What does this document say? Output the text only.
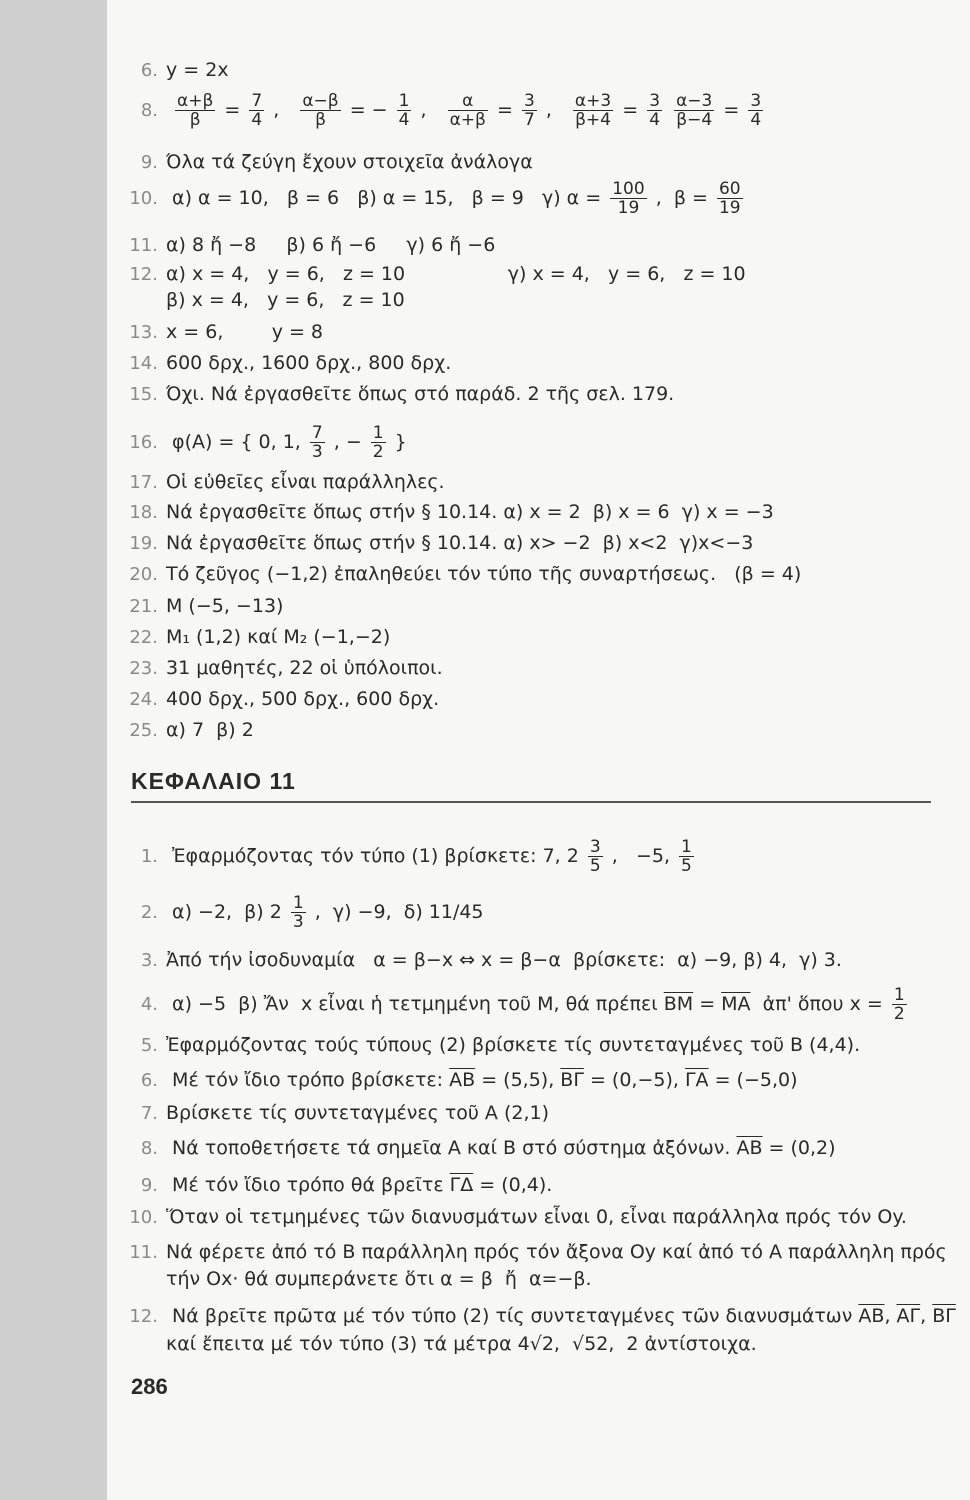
6. y = 2x
8. $\frac{\alpha+\beta}{\beta} = \frac{7}{4}$ , $\frac{\alpha-\beta}{\beta}$ = − $\frac{1}{4}$ , $\frac{\alpha}{\alpha+\beta} = \frac{3}{7}$ , $\frac{\alpha+3}{\beta+4} = \frac{3}{4}$
$\frac{\alpha-3}{\beta-4} = \frac{3}{4}$
9. Όλα τά ζεύγη ἔχουν στοιχεῖα ἀνάλογα
10. α) α = 10,   β = 6   β) α = 15,   β = 9   γ) $\alpha = \frac{100}{19}$ ,  $\beta = \frac{60}{19}$
11. α) 8 ἤ −8     β) 6 ἤ −6     γ) 6 ἤ −6
12. α) x = 4,   y = 6,   z = 10                 γ) x = 4,   y = 6,   z = 10
β) x = 4,   y = 6,   z = 10
13. x = 6,        y = 8
14. 600 δρχ., 1600 δρχ., 800 δρχ.
15. Όχι. Νά ἐργασθεῖτε ὅπως στό παράδ. 2 τῆς σελ. 179.
16. φ(Α) = { 0, 1, $\frac{7}{3}$ , − $\frac{1}{2}$ }
17. Οἱ εὐθεῖες εἶναι παράλληλες.
18. Νά ἐργασθεῖτε ὅπως στήν § 10.14. α) x = 2  β) x = 6  γ) x = −3
19. Νά ἐργασθεῖτε ὅπως στήν § 10.14. α) x> −2  β) x<2  γ)x<−3
20. Τό ζεῦγος (−1,2) ἐπαληθεύει τόν τύπο τῆς συναρτήσεως.   (β = 4)
21. Μ (−5, −13)
22. Μ₁ (1,2) καί Μ₂ (−1,−2)
23. 31 μαθητές, 22 οἱ ὑπόλοιποι.
24. 400 δρχ., 500 δρχ., 600 δρχ.
25. α) 7  β) 2
ΚΕΦΑΛΑΙΟ 11
1. Ἐφαρμόζοντας τόν τύπο (1) βρίσκετε: 7, $2 \frac{3}{5}$ ,   −5, $\frac{1}{5}$
2. α) −2,  β) $2 \frac{1}{3}$ ,  γ) −9,  δ) 11/45
3. Ἀπό τήν ἰσοδυναμία   α = β−x ⇔ x = β−α  βρίσκετε:  α) −9, β) 4,  γ) 3.
4. α) −5  β) Ἄν  x εἶναι ἡ τετμημένη τοῦ Μ, θά πρέπει $\overline{BM} = \overline{MA}$  ἀπ' ὅπου $x = \frac{1}{2}$
5. Ἐφαρμόζοντας τούς τύπους (2) βρίσκετε τίς συντεταγμένες τοῦ Β (4,4).
6. Μέ τόν ἴδιο τρόπο βρίσκετε: $\overline{AB} = (5,5)$, $\overline{B\Gamma} = (0,-5)$, $\overline{\Gamma A} = (-5,0)$
7. Βρίσκετε τίς συντεταγμένες τοῦ Α (2,1)
8. Νά τοποθετήσετε τά σημεῖα Α καί Β στό σύστημα ἀξόνων. $\overline{AB} = (0,2)$
9. Μέ τόν ἴδιο τρόπο θά βρεῖτε $\overline{\Gamma\Delta} = (0,4)$.
10. Ὅταν οἱ τετμημένες τῶν διανυσμάτων εἶναι 0, εἶναι παράλληλα πρός τόν Oy.
11. Νά φέρετε ἀπό τό Β παράλληλη πρός τόν ἄξονα Oy καί ἀπό τό Α παράλληλη πρός
τήν Ox· θά συμπεράνετε ὅτι α = β  ἤ  α=−β.
12. Νά βρεῖτε πρῶτα μέ τόν τύπο (2) τίς συντεταγμένες τῶν διανυσμάτων $\overline{AB}$, $\overline{A\Gamma}$, $\overline{B\Gamma}$
καί ἔπειτα μέ τόν τύπο (3) τά μέτρα 4√2,  √52,  2 ἀντίστοιχα.
286
